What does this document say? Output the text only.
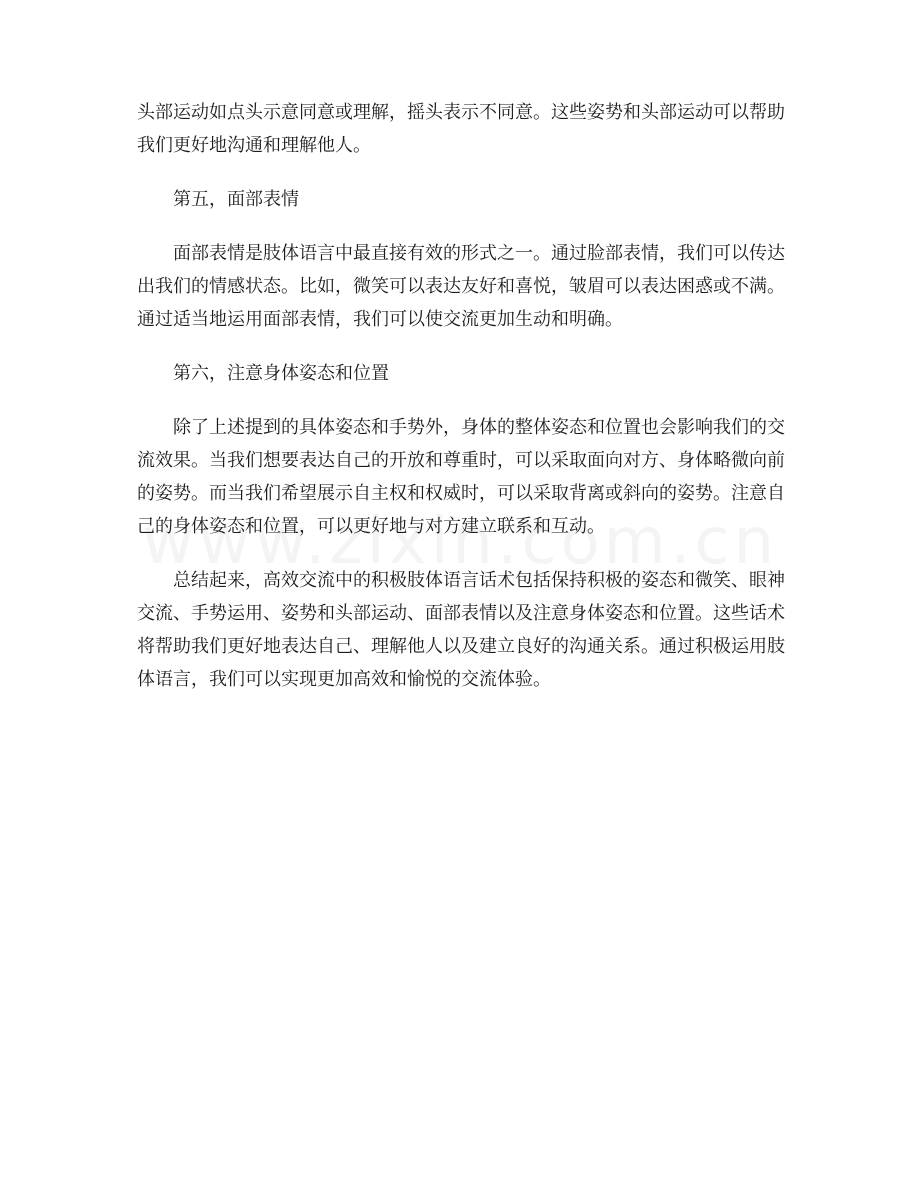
头部运动如点头示意同意或理解，摇头表示不同意。这些姿势和头部运动可以帮助我们更好地沟通和理解他人。

第五，面部表情

面部表情是肢体语言中最直接有效的形式之一。通过脸部表情，我们可以传达出我们的情感状态。比如，微笑可以表达友好和喜悦，皱眉可以表达困惑或不满。通过适当地运用面部表情，我们可以使交流更加生动和明确。

第六，注意身体姿态和位置

除了上述提到的具体姿态和手势外，身体的整体姿态和位置也会影响我们的交流效果。当我们想要表达自己的开放和尊重时，可以采取面向对方、身体略微向前的姿势。而当我们希望展示自主权和权威时，可以采取背离或斜向的姿势。注意自己的身体姿态和位置，可以更好地与对方建立联系和互动。

总结起来，高效交流中的积极肢体语言话术包括保持积极的姿态和微笑、眼神交流、手势运用、姿势和头部运动、面部表情以及注意身体姿态和位置。这些话术将帮助我们更好地表达自己、理解他人以及建立良好的沟通关系。通过积极运用肢体语言，我们可以实现更加高效和愉悦的交流体验。
